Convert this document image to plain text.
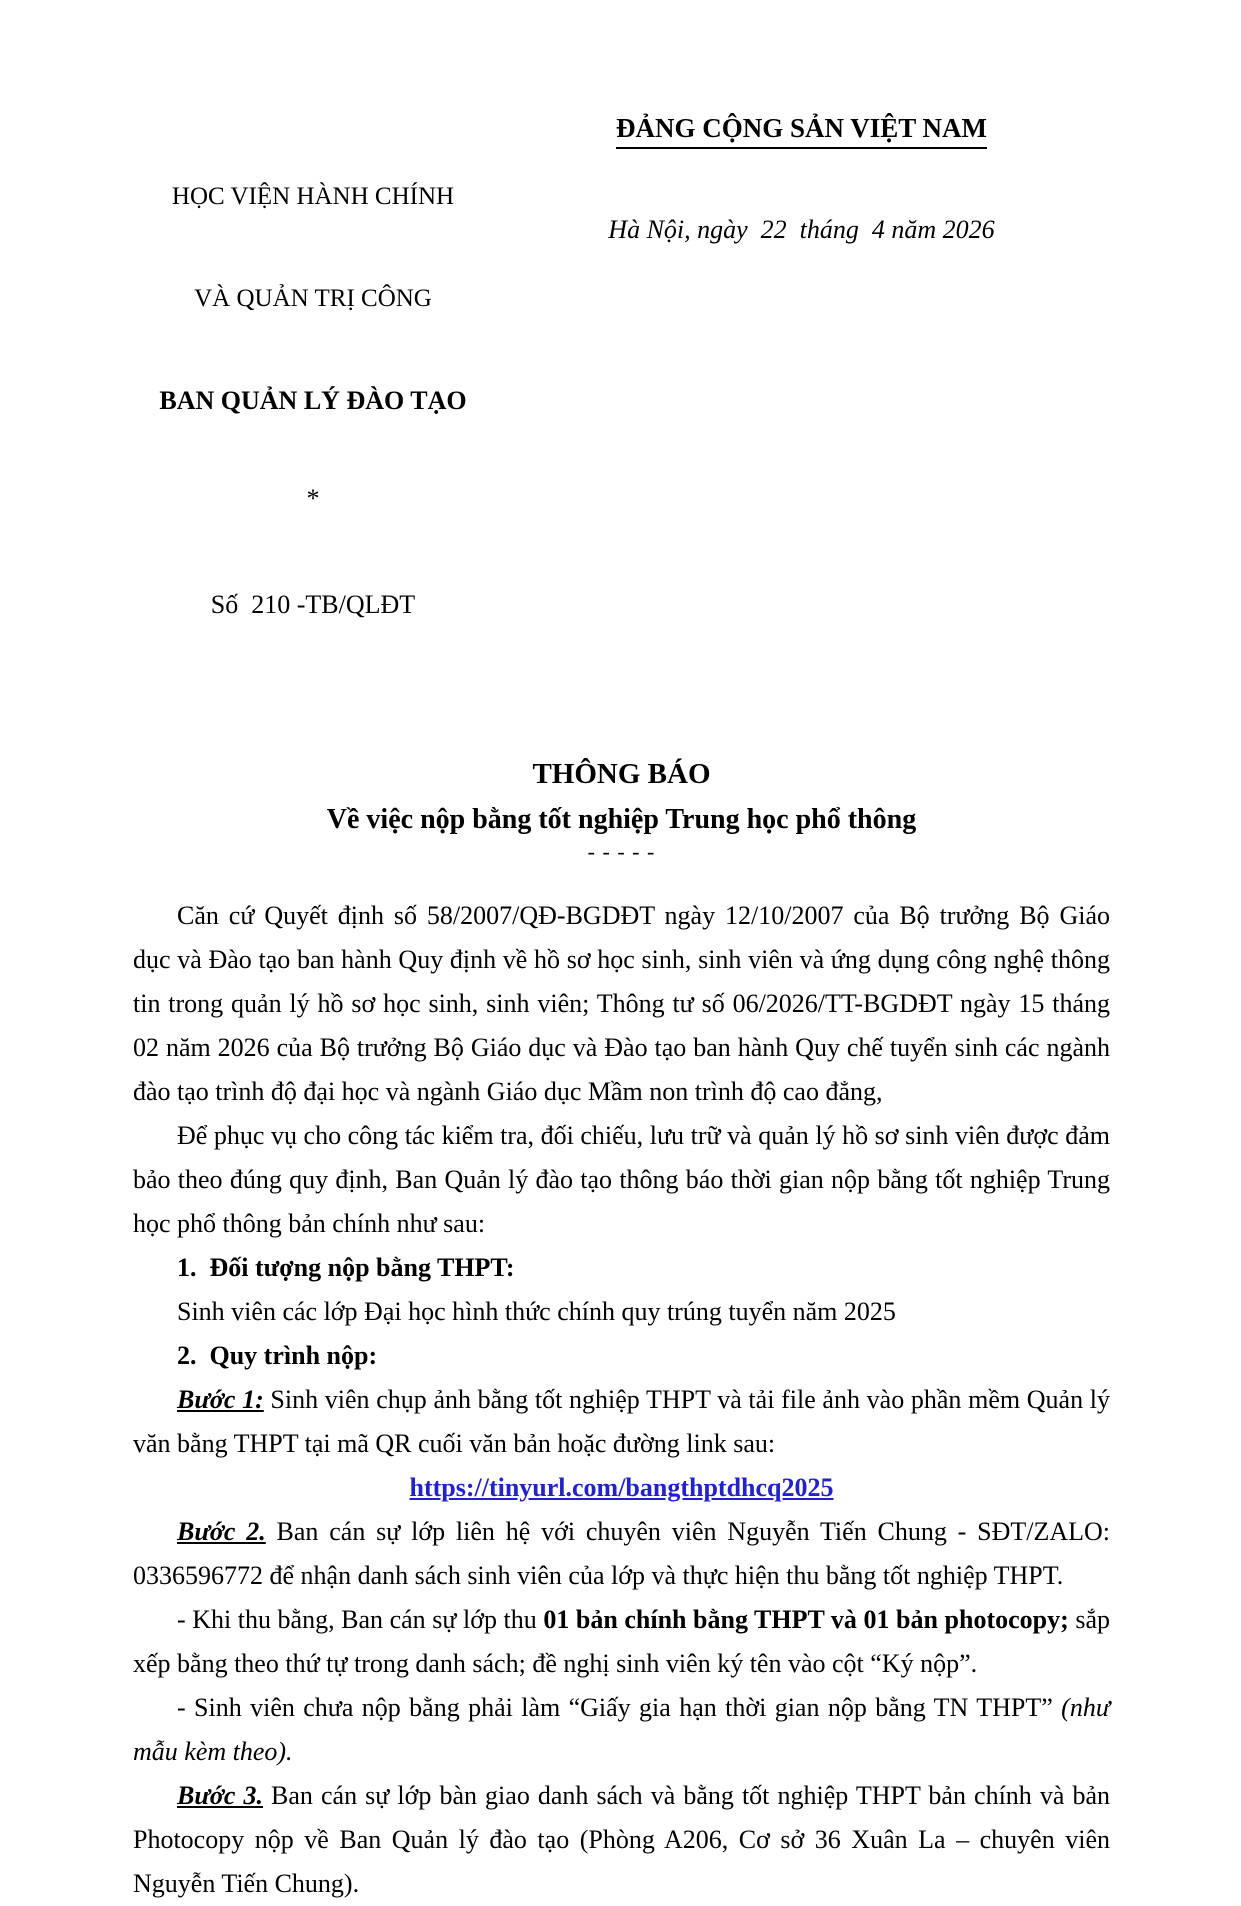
HỌC VIỆN HÀNH CHÍNH

VÀ QUẢN TRỊ CÔNG

BAN QUẢN LÝ ĐÀO TẠO

*

Số  210 -TB/QLĐT

ĐẢNG CỘNG SẢN VIỆT NAM
Hà Nội, ngày  22  tháng  4 năm 2026
THÔNG BÁO
Về việc nộp bằng tốt nghiệp Trung học phổ thông
- - - - -
Căn cứ Quyết định số 58/2007/QĐ-BGDĐT ngày 12/10/2007 của Bộ trưởng Bộ Giáo dục và Đào tạo ban hành Quy định về hồ sơ học sinh, sinh viên và ứng dụng công nghệ thông tin trong quản lý hồ sơ học sinh, sinh viên; Thông tư số 06/2026/TT-BGDĐT ngày 15 tháng 02 năm 2026 của Bộ trưởng Bộ Giáo dục và Đào tạo ban hành Quy chế tuyển sinh các ngành đào tạo trình độ đại học và ngành Giáo dục Mầm non trình độ cao đẳng,
Để phục vụ cho công tác kiểm tra, đối chiếu, lưu trữ và quản lý hồ sơ sinh viên được đảm bảo theo đúng quy định, Ban Quản lý đào tạo thông báo thời gian nộp bằng tốt nghiệp Trung học phổ thông bản chính như sau:
1.  Đối tượng nộp bằng THPT:
Sinh viên các lớp Đại học hình thức chính quy trúng tuyển năm 2025
2.  Quy trình nộp:
Bước 1: Sinh viên chụp ảnh bằng tốt nghiệp THPT và tải file ảnh vào phần mềm Quản lý văn bằng THPT tại mã QR cuối văn bản hoặc đường link sau:
https://tinyurl.com/bangthptdhcq2025
Bước 2. Ban cán sự lớp liên hệ với chuyên viên Nguyễn Tiến Chung - SĐT/ZALO: 0336596772 để nhận danh sách sinh viên của lớp và thực hiện thu bằng tốt nghiệp THPT.
- Khi thu bằng, Ban cán sự lớp thu 01 bản chính bằng THPT và 01 bản photocopy; sắp xếp bằng theo thứ tự trong danh sách; đề nghị sinh viên ký tên vào cột “Ký nộp”.
- Sinh viên chưa nộp bằng phải làm “Giấy gia hạn thời gian nộp bằng TN THPT” (như mẫu kèm theo).
Bước 3. Ban cán sự lớp bàn giao danh sách và bằng tốt nghiệp THPT bản chính và bản Photocopy nộp về Ban Quản lý đào tạo (Phòng A206, Cơ sở 36 Xuân La – chuyên viên Nguyễn Tiến Chung).
